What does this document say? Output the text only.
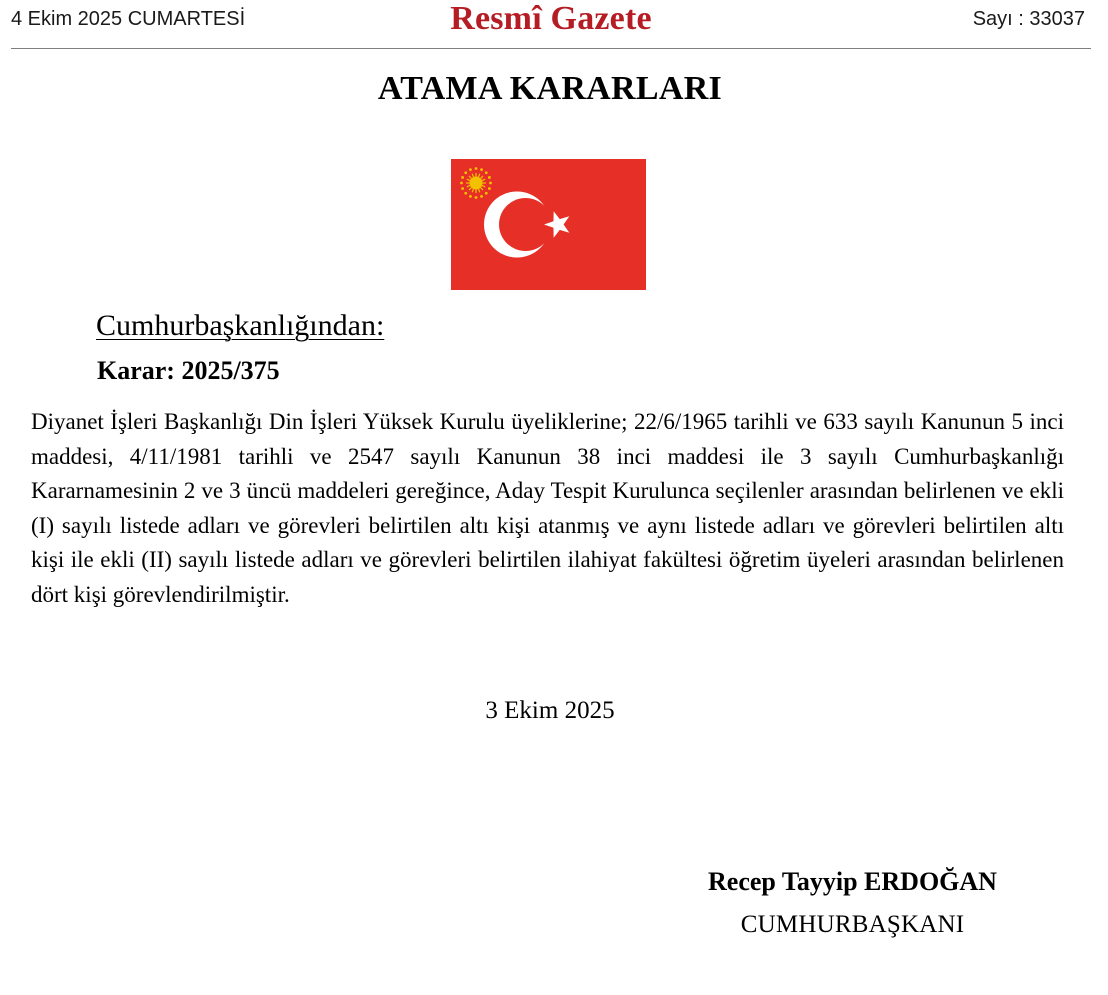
4 Ekim 2025 CUMARTESİ	Resmî Gazete	Sayı : 33037
ATAMA KARARLARI
Cumhurbaşkanlığından:
Karar: 2025/375

Diyanet İşleri Başkanlığı Din İşleri Yüksek Kurulu üyeliklerine; 22/6/1965 tarihli ve 633 sayılı Kanunun 5 inci maddesi, 4/11/1981 tarihli ve 2547 sayılı Kanunun 38 inci maddesi ile 3 sayılı Cumhurbaşkanlığı Kararnamesinin 2 ve 3 üncü maddeleri gereğince, Aday Tespit Kurulunca seçilenler arasından belirlenen ve ekli (I) sayılı listede adları ve görevleri belirtilen altı kişi atanmış ve aynı listede adları ve görevleri belirtilen altı kişi ile ekli (II) sayılı listede adları ve görevleri belirtilen ilahiyat fakültesi öğretim üyeleri arasından belirlenen dört kişi görevlendirilmiştir.

3 Ekim 2025
Recep Tayyip ERDOĞAN
CUMHURBAŞKANI
